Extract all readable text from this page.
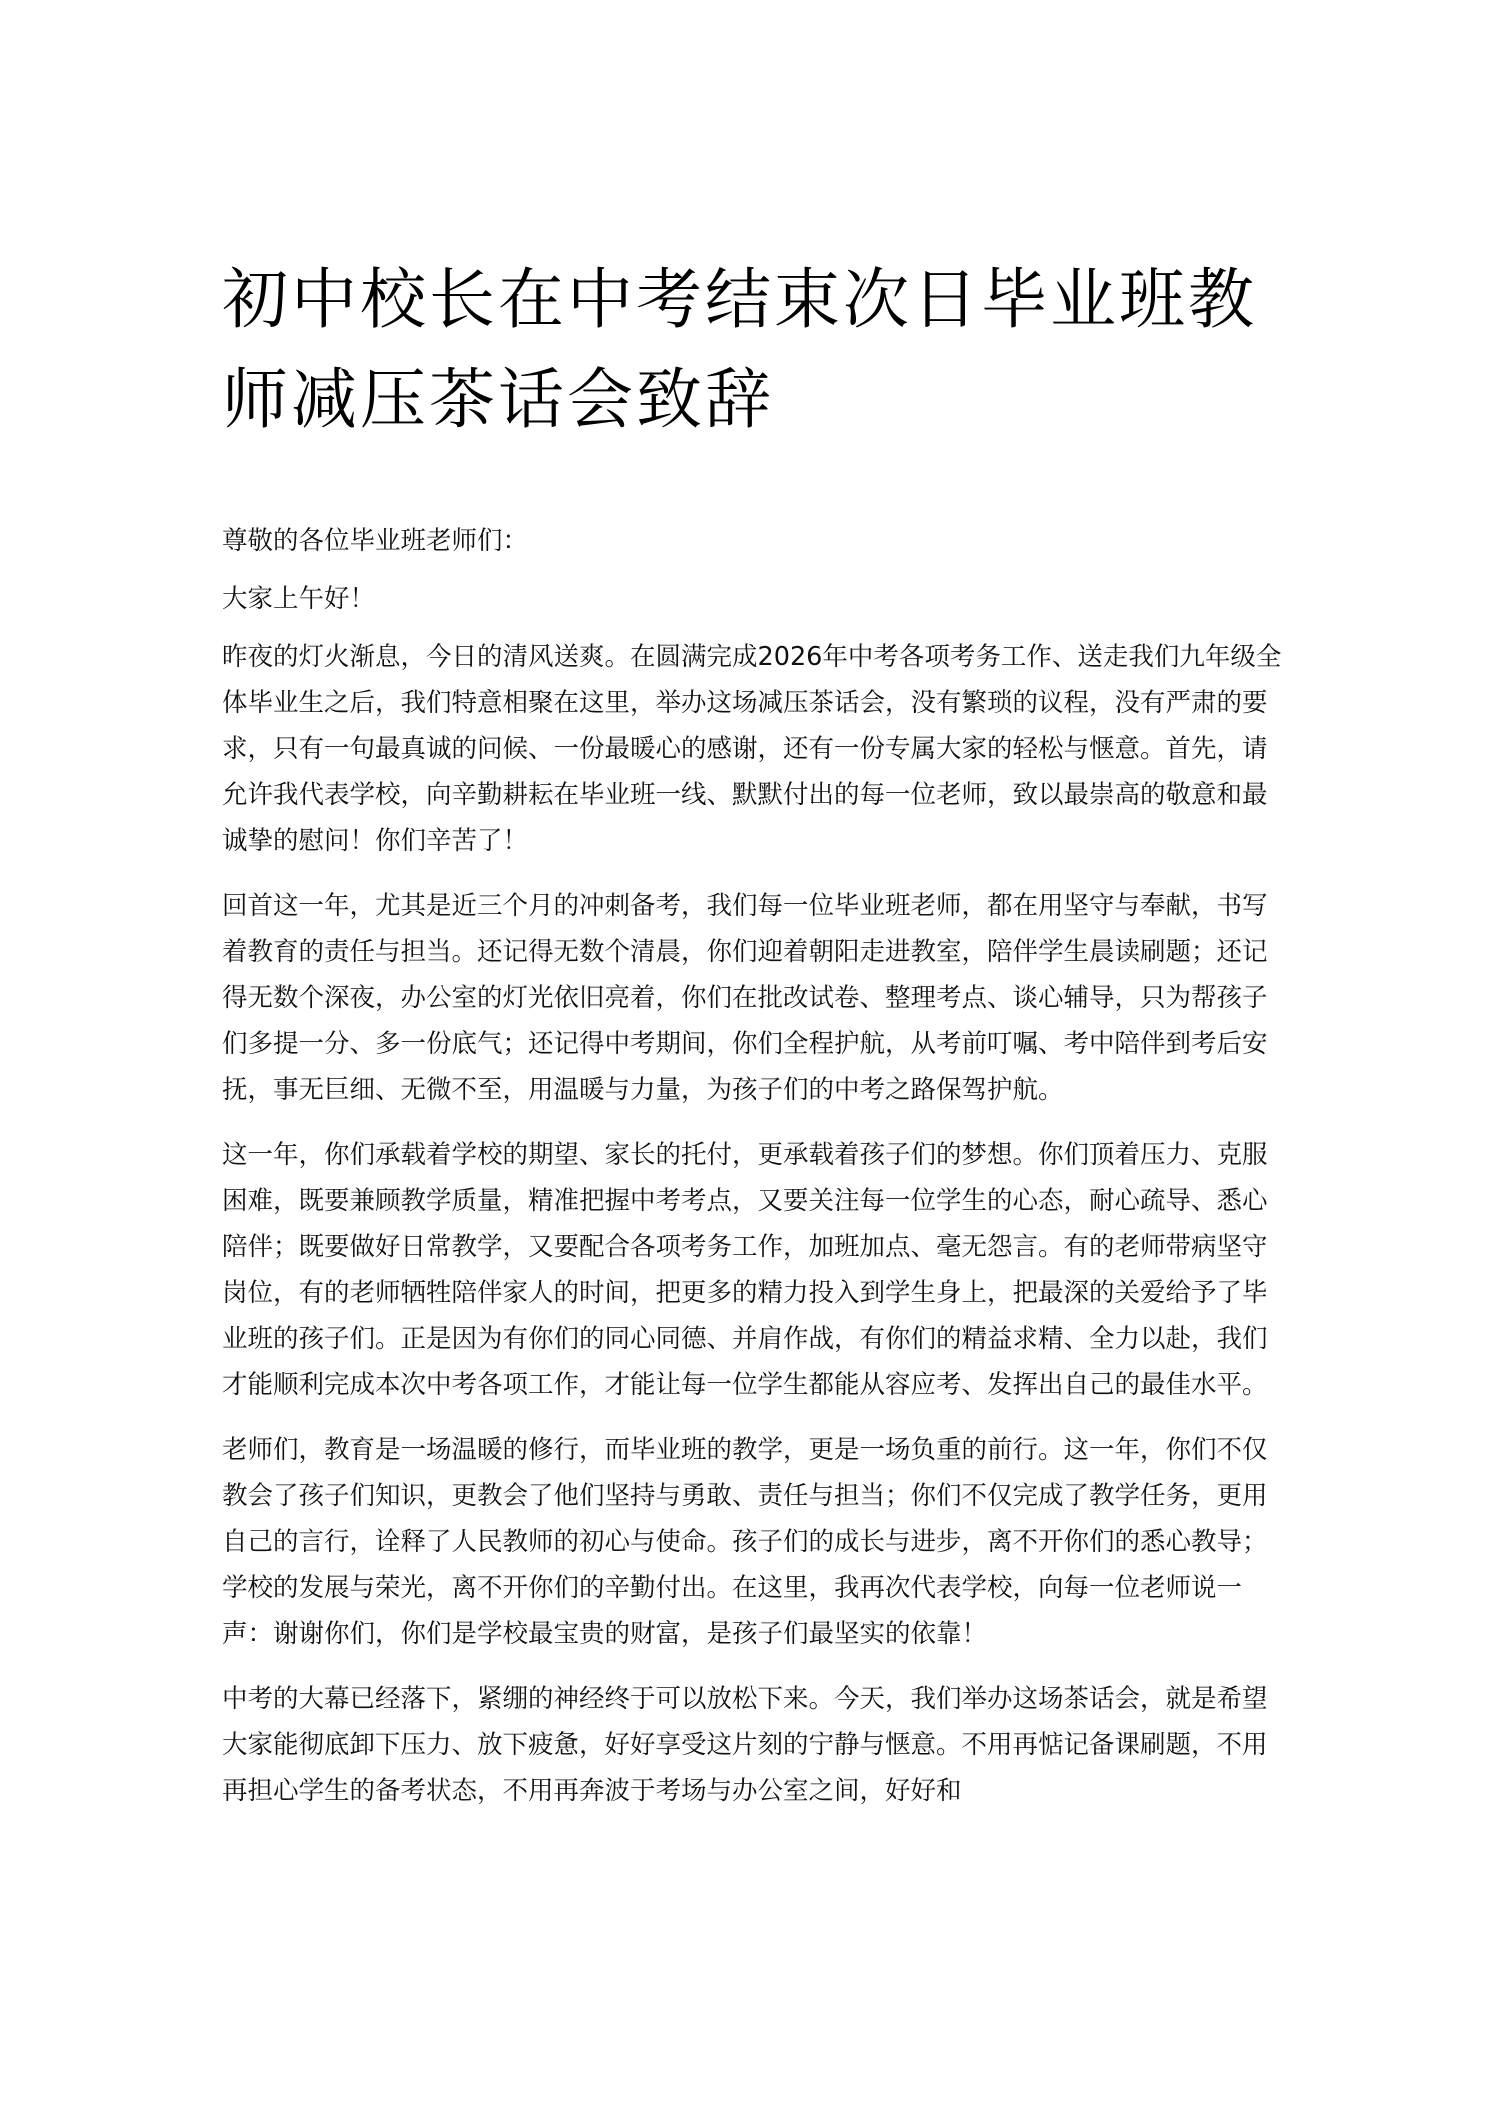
初中校长在中考结束次日毕业班教师减压茶话会致辞

尊敬的各位毕业班老师们：

大家上午好！

昨夜的灯火渐息，今日的清风送爽。在圆满完成2026年中考各项考务工作、送走我们九年级全体毕业生之后，我们特意相聚在这里，举办这场减压茶话会，没有繁琐的议程，没有严肃的要求，只有一句最真诚的问候、一份最暖心的感谢，还有一份专属大家的轻松与惬意。首先，请允许我代表学校，向辛勤耕耘在毕业班一线、默默付出的每一位老师，致以最崇高的敬意和最诚挚的慰问！你们辛苦了！

回首这一年，尤其是近三个月的冲刺备考，我们每一位毕业班老师，都在用坚守与奉献，书写着教育的责任与担当。还记得无数个清晨，你们迎着朝阳走进教室，陪伴学生晨读刷题；还记得无数个深夜，办公室的灯光依旧亮着，你们在批改试卷、整理考点、谈心辅导，只为帮孩子们多提一分、多一份底气；还记得中考期间，你们全程护航，从考前叮嘱、考中陪伴到考后安抚，事无巨细、无微不至，用温暖与力量，为孩子们的中考之路保驾护航。

这一年，你们承载着学校的期望、家长的托付，更承载着孩子们的梦想。你们顶着压力、克服困难，既要兼顾教学质量，精准把握中考考点，又要关注每一位学生的心态，耐心疏导、悉心陪伴；既要做好日常教学，又要配合各项考务工作，加班加点、毫无怨言。有的老师带病坚守岗位，有的老师牺牲陪伴家人的时间，把更多的精力投入到学生身上，把最深的关爱给予了毕业班的孩子们。正是因为有你们的同心同德、并肩作战，有你们的精益求精、全力以赴，我们才能顺利完成本次中考各项工作，才能让每一位学生都能从容应考、发挥出自己的最佳水平。

老师们，教育是一场温暖的修行，而毕业班的教学，更是一场负重的前行。这一年，你们不仅教会了孩子们知识，更教会了他们坚持与勇敢、责任与担当；你们不仅完成了教学任务，更用自己的言行，诠释了人民教师的初心与使命。孩子们的成长与进步，离不开你们的悉心教导；学校的发展与荣光，离不开你们的辛勤付出。在这里，我再次代表学校，向每一位老师说一声：谢谢你们，你们是学校最宝贵的财富，是孩子们最坚实的依靠！

中考的大幕已经落下，紧绷的神经终于可以放松下来。今天，我们举办这场茶话会，就是希望大家能彻底卸下压力、放下疲惫，好好享受这片刻的宁静与惬意。不用再惦记备课刷题，不用再担心学生的备考状态，不用再奔波于考场与办公室之间，好好和
